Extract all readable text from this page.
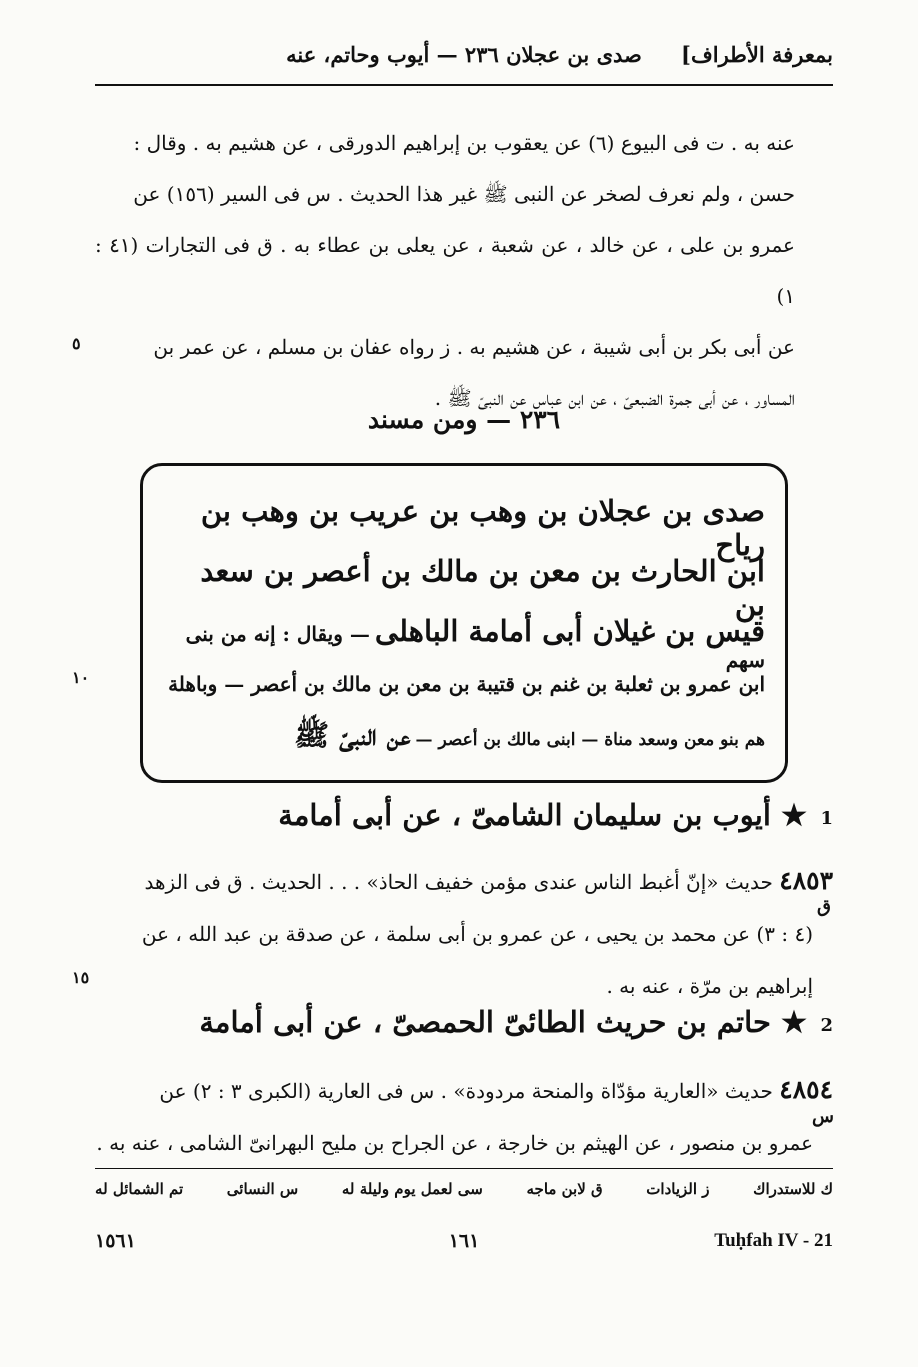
بمعرفة الأطراف]
صدى بن عجلان ٢٣٦ — أيوب وحاتم، عنه
عنه به . ت فى البيوع (٦) عن يعقوب بن إبراهيم الدورقى ، عن هشيم به . وقال :
حسن ، ولم نعرف لصخر عن النبى ﷺ غير هذا الحديث . س فى السير (١٥٦) عن
عمرو بن على ، عن خالد ، عن شعبة ، عن يعلى بن عطاء به . ق فى التجارات (٤١ : ١)
عن أبى بكر بن أبى شيبة ، عن هشيم به . ز رواه عفان بن مسلم ، عن عمر بن
المساور ، عن أبى جمرة الضبعىّ ، عن ابن عباس عن النبىّ ﷺ .
٥
٢٣٦ — ومن مسند
صدى بن عجلان بن وهب بن عريب بن وهب بن رياح
ابن الحارث بن معن بن مالك بن أعصر بن سعد بن
قيس بن غيلان أبى أمامة الباهلى — ويقال : إنه من بنى سهم
ابن عمرو بن ثعلبة بن غنم بن قتيبة بن معن بن مالك بن أعصر — وباهلة
هم بنو معن وسعد مناة — ابنى مالك بن أعصر — عن النبىّ ﷺ
١٠
1
★ أيوب بن سليمان الشامىّ ، عن أبى أمامة
٤٨٥٣ حديث «إنّ أغبط الناس عندى مؤمن خفيف الحاذ» . . . الحديث . ق فى الزهد
(٤ : ٣) عن محمد بن يحيى ، عن عمرو بن أبى سلمة ، عن صدقة بن عبد الله ، عن
إبراهيم بن مرّة ، عنه به .
ق
١٥
2
★ حاتم بن حريث الطائىّ الحمصىّ ، عن أبى أمامة
٤٨٥٤ حديث «العارية مؤدّاة والمنحة مردودة» . س فى العارية (الكبرى ٣ : ٢) عن
عمرو بن منصور ، عن الهيثم بن خارجة ، عن الجراح بن مليح البهرانىّ الشامى ، عنه به .
س
تم الشمائل له	س النسائى	سى لعمل يوم وليلة له	ق لابن ماجه	ز الزيادات	ك للاستدراك
١٥٦١	١٦١	Tuḥfah IV - 21
